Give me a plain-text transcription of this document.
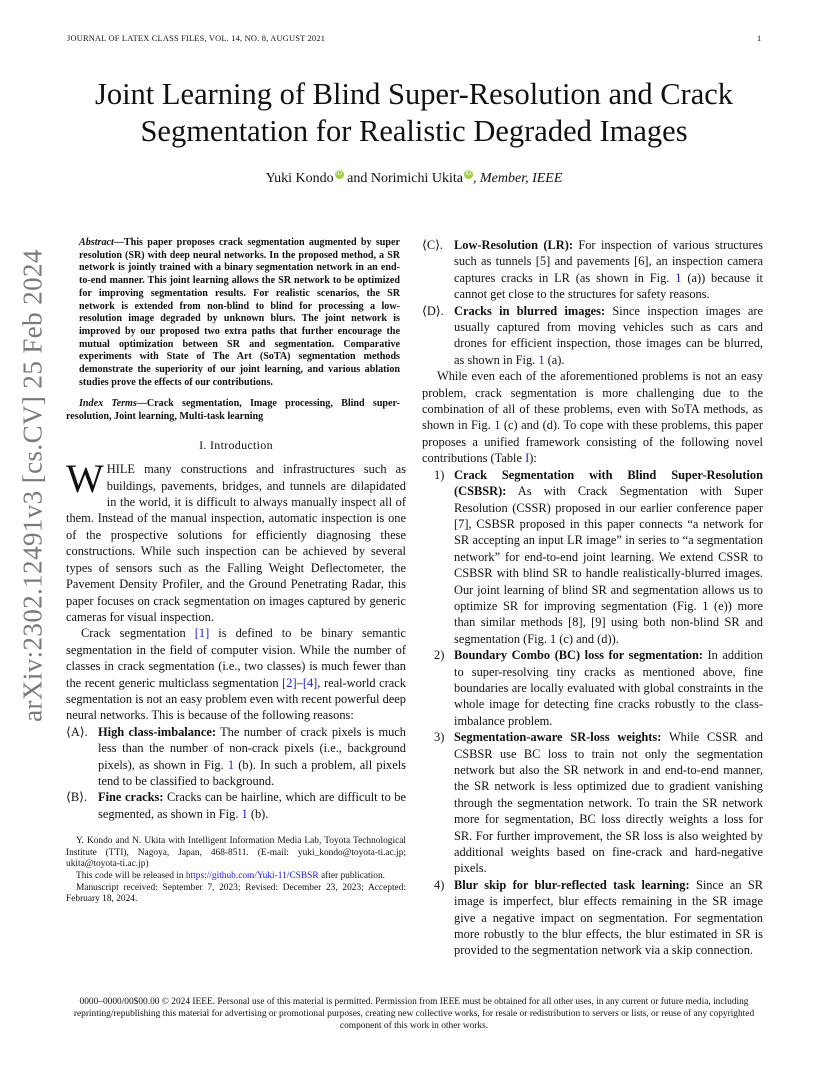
JOURNAL OF LATEX CLASS FILES, VOL. 14, NO. 8, AUGUST 2021	1
arXiv:2302.12491v3 [cs.CV] 25 Feb 2024
Joint Learning of Blind Super-Resolution and Crack Segmentation for Realistic Degraded Images
Yuki Kondo iD and Norimichi Ukita iD , Member, IEEE

Abstract—This paper proposes crack segmentation augmented by super resolution (SR) with deep neural networks. In the proposed method, a SR network is jointly trained with a binary segmentation network in an end-to-end manner. This joint learning allows the SR network to be optimized for improving segmentation results. For realistic scenarios, the SR network is extended from non-blind to blind for processing a low-resolution image degraded by unknown blurs. The joint network is improved by our proposed two extra paths that further encourage the mutual optimization between SR and segmentation. Comparative experiments with State of The Art (SoTA) segmentation methods demonstrate the superiority of our joint learning, and various ablation studies prove the effects of our contributions.

Index Terms—Crack segmentation, Image processing, Blind super-resolution, Joint learning, Multi-task learning

I. Introduction

WHILE many constructions and infrastructures such as buildings, pavements, bridges, and tunnels are dilapidated in the world, it is difficult to always manually inspect all of them. Instead of the manual inspection, automatic inspection is one of the prospective solutions for efficiently diagnosing these constructions. While such inspection can be achieved by several types of sensors such as the Falling Weight Deflectometer, the Pavement Density Profiler, and the Ground Penetrating Radar, this paper focuses on crack segmentation on images captured by generic cameras for visual inspection.

Crack segmentation [1] is defined to be binary semantic segmentation in the field of computer vision. While the number of classes in crack segmentation (i.e., two classes) is much fewer than the recent generic multiclass segmentation [2]–[4], real-world crack segmentation is not an easy problem even with recent powerful deep neural networks. This is because of the following reasons:

⟨A⟩. High class-imbalance: The number of crack pixels is much less than the number of non-crack pixels (i.e., background pixels), as shown in Fig. 1 (b). In such a problem, all pixels tend to be classified to background.
⟨B⟩. Fine cracks: Cracks can be hairline, which are difficult to be segmented, as shown in Fig. 1 (b).

Y. Kondo and N. Ukita with Intelligent Information Media Lab, Toyota Technological Institute (TTI), Nagoya, Japan, 468-8511. (E-mail: yuki_kondo@toyota-ti.ac.jp; ukita@toyota-ti.ac.jp)

This code will be released in https://github.com/Yuki-11/CSBSR after publication.

Manuscript received: September 7, 2023; Revised: December 23, 2023; Accepted: February 18, 2024.

⟨C⟩. Low-Resolution (LR): For inspection of various structures such as tunnels [5] and pavements [6], an inspection camera captures cracks in LR (as shown in Fig. 1 (a)) because it cannot get close to the structures for safety reasons.
⟨D⟩. Cracks in blurred images: Since inspection images are usually captured from moving vehicles such as cars and drones for efficient inspection, those images can be blurred, as shown in Fig. 1 (a).

While even each of the aforementioned problems is not an easy problem, crack segmentation is more challenging due to the combination of all of these problems, even with SoTA methods, as shown in Fig. 1 (c) and (d). To cope with these problems, this paper proposes a unified framework consisting of the following novel contributions (Table I):

1) Crack Segmentation with Blind Super-Resolution (CSBSR): As with Crack Segmentation with Super Resolution (CSSR) proposed in our earlier conference paper [7], CSBSR proposed in this paper connects “a network for SR accepting an input LR image” in series to “a segmentation network” for end-to-end joint learning. We extend CSSR to CSBSR with blind SR to handle realistically-blurred images. Our joint learning of blind SR and segmentation allows us to optimize SR for improving segmentation (Fig. 1 (e)) more than similar methods [8], [9] using both non-blind SR and segmentation (Fig. 1 (c) and (d)).
2) Boundary Combo (BC) loss for segmentation: In addition to super-resolving tiny cracks as mentioned above, fine boundaries are locally evaluated with global constraints in the whole image for detecting fine cracks robustly to the class-imbalance problem.
3) Segmentation-aware SR-loss weights: While CSSR and CSBSR use BC loss to train not only the segmentation network but also the SR network in and end-to-end manner, the SR network is less optimized due to gradient vanishing through the segmentation network. To train the SR network more for segmentation, BC loss directly weights a loss for SR. For further improvement, the SR loss is also weighted by additional weights based on fine-crack and hard-negative pixels.
4) Blur skip for blur-reflected task learning: Since an SR image is imperfect, blur effects remaining in the SR image give a negative impact on segmentation. For segmentation more robustly to the blur effects, the blur estimated in SR is provided to the segmentation network via a skip connection.
0000–0000/00$00.00 © 2024 IEEE. Personal use of this material is permitted. Permission from IEEE must be obtained for all other uses, in any current or future media, including reprinting/republishing this material for advertising or promotional purposes, creating new collective works, for resale or redistribution to servers or lists, or reuse of any copyrighted component of this work in other works.
